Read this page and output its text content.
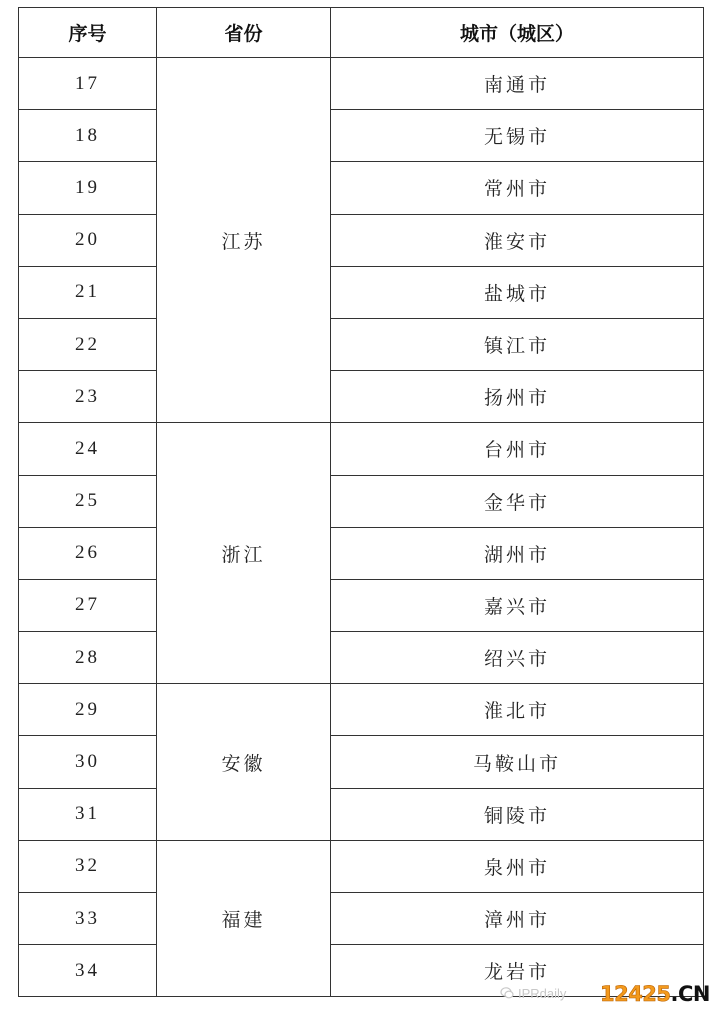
序号	省份	城市（城区）
17	江苏	南通市
18		无锡市
19		常州市
20		淮安市
21		盐城市
22		镇江市
23		扬州市
24	浙江	台州市
25		金华市
26		湖州市
27		嘉兴市
28		绍兴市
29	安徽	淮北市
30		马鞍山市
31		铜陵市
32	福建	泉州市
33		漳州市
34		龙岩市
IPRdaily 12425.CN
